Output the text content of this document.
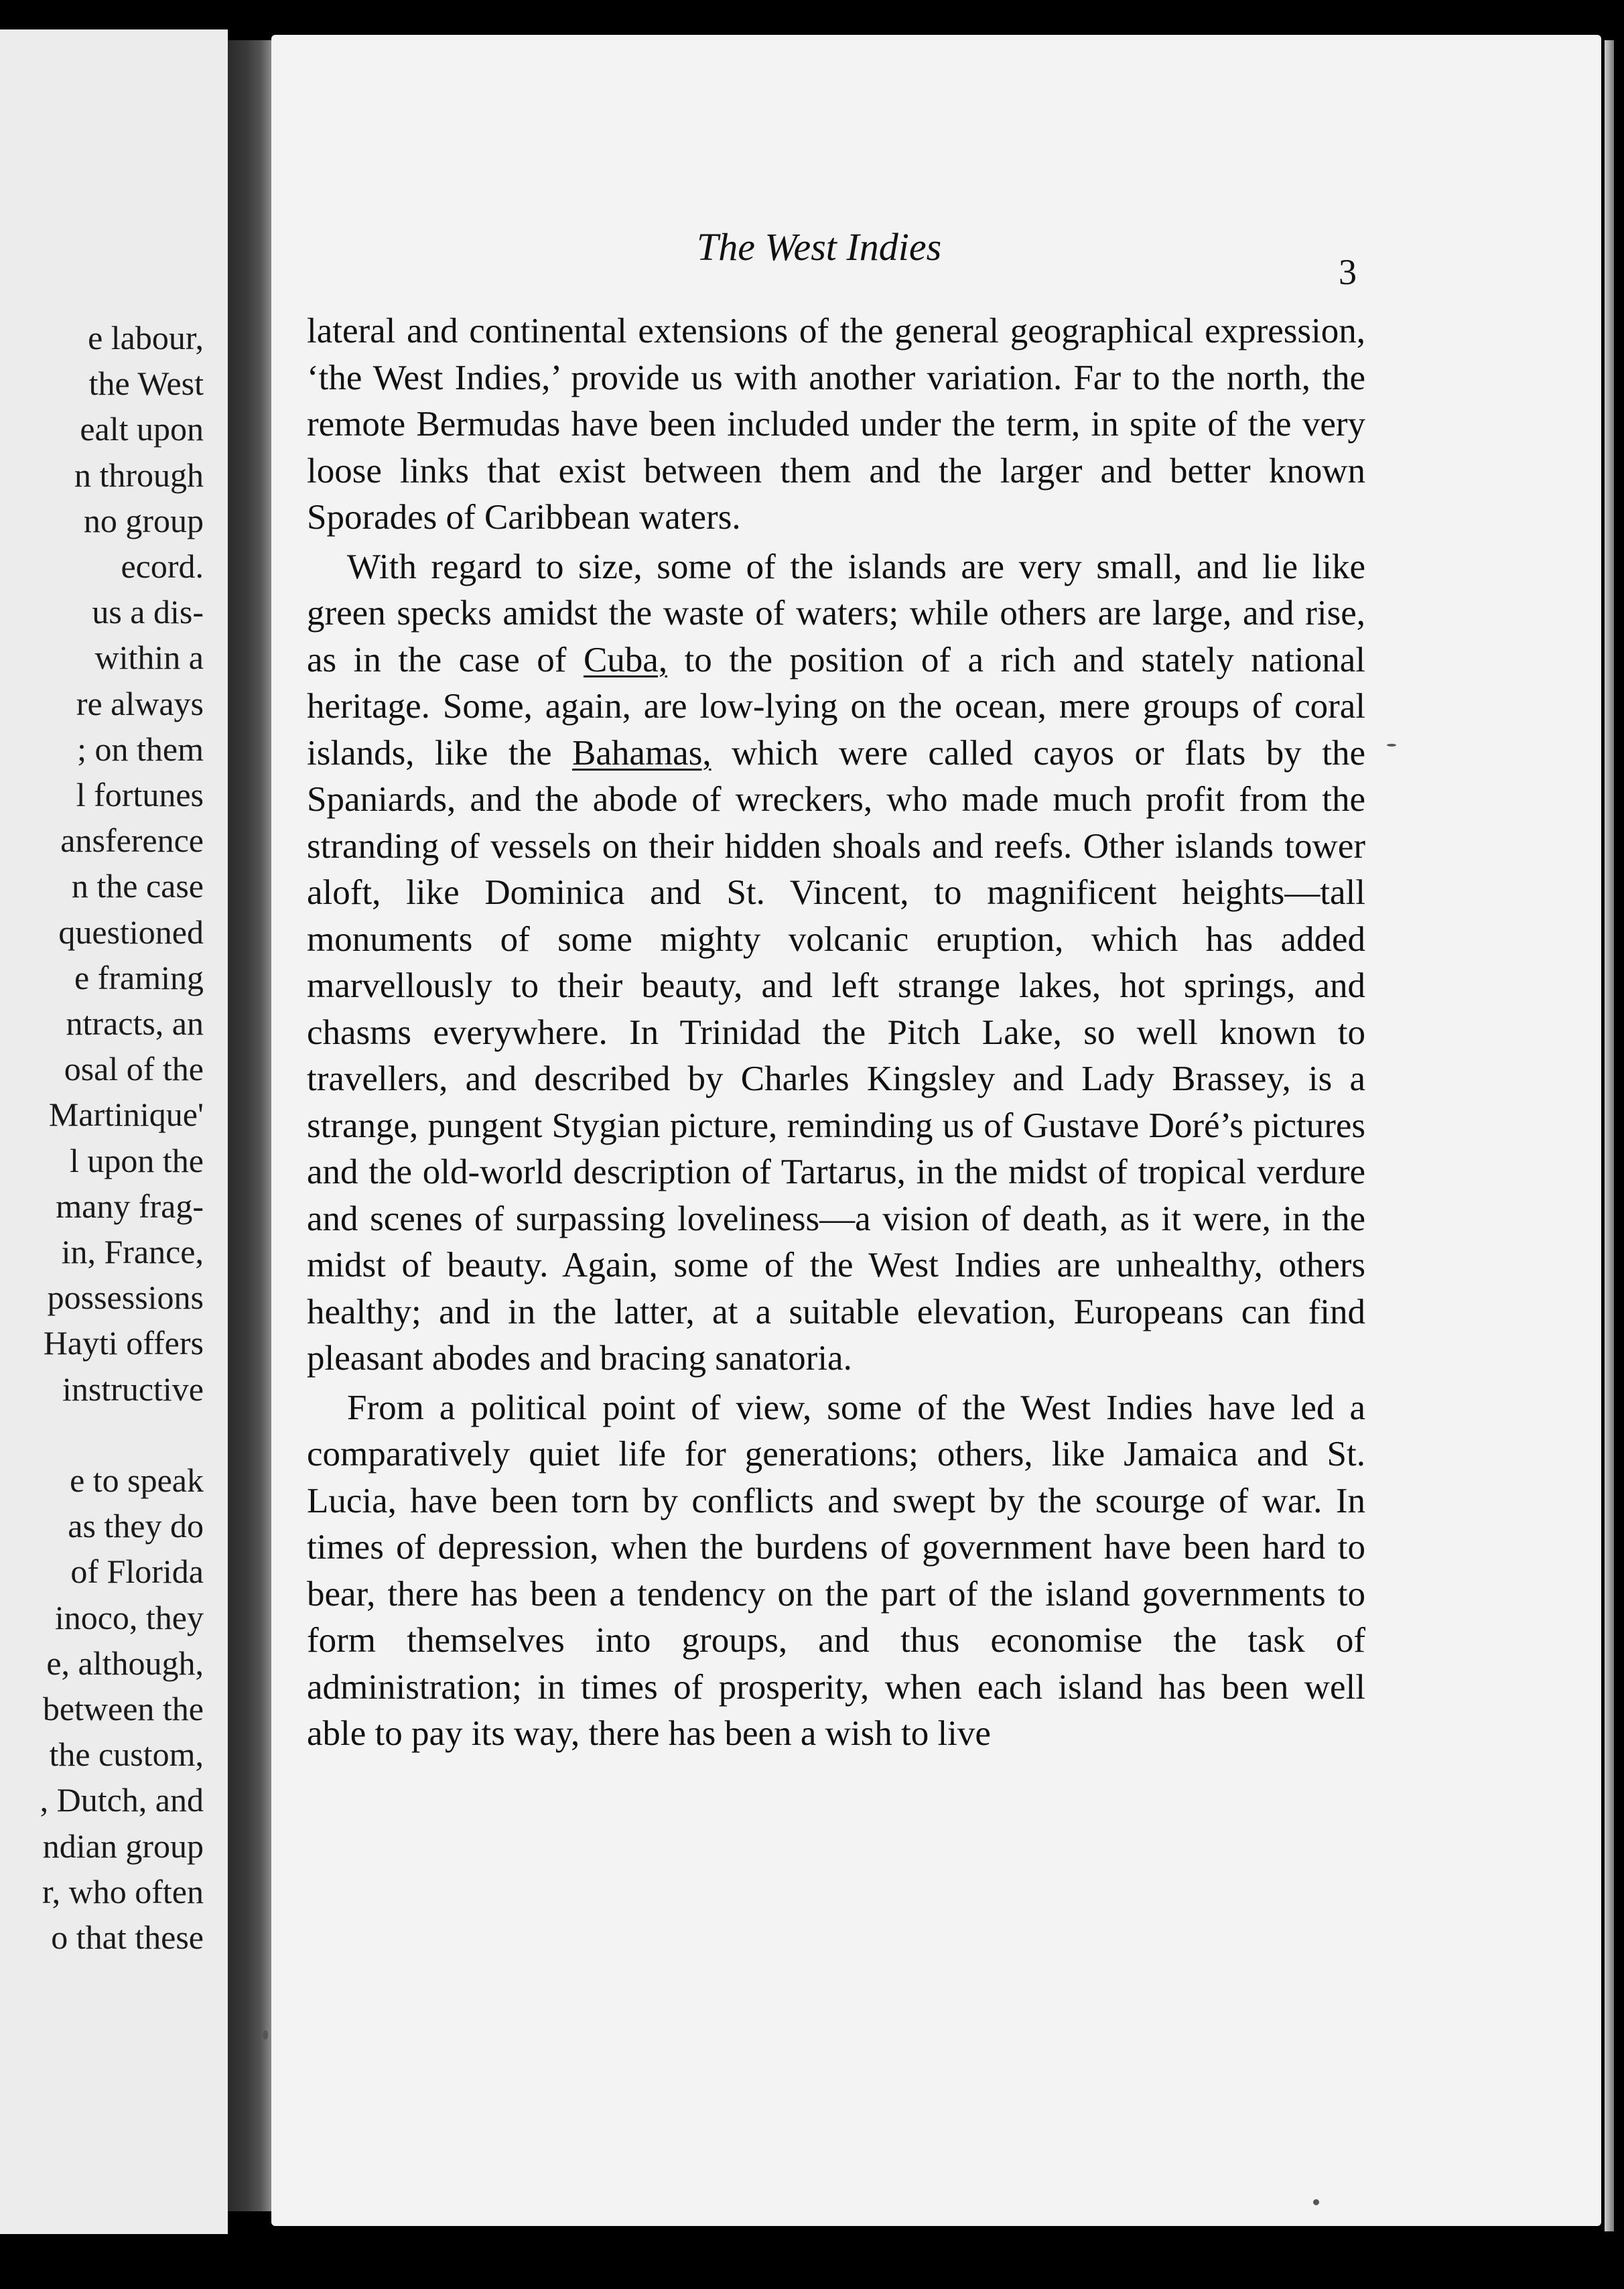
e labour,
the West
ealt upon
n through
no group
ecord.
us a dis-
within a
re always
; on them
l fortunes
ansference
n the case
questioned
e framing
ntracts, an
osal of the
Martinique'
l upon the
many frag-
in, France,
possessions
Hayti offers
instructive
e to speak
as they do
of Florida
inoco, they
e, although,
between the
the custom,
, Dutch, and
ndian group
r, who often
o that these
The West Indies
3

lateral and continental extensions of the general geographical expression, ‘the West Indies,’ provide us with another variation. Far to the north, the remote Bermudas have been included under the term, in spite of the very loose links that exist between them and the larger and better known Sporades of Caribbean waters.

With regard to size, some of the islands are very small, and lie like green specks amidst the waste of waters; while others are large, and rise, as in the case of Cuba, to the position of a rich and stately national heritage. Some, again, are low-lying on the ocean, mere groups of coral islands, like the Bahamas, which were called cayos or flats by the Spaniards, and the abode of wreckers, who made much profit from the stranding of vessels on their hidden shoals and reefs. Other islands tower aloft, like Dominica and St. Vincent, to magnificent heights—tall monuments of some mighty volcanic eruption, which has added marvellously to their beauty, and left strange lakes, hot springs, and chasms everywhere. In Trinidad the Pitch Lake, so well known to travellers, and described by Charles Kingsley and Lady Brassey, is a strange, pungent Stygian picture, reminding us of Gustave Doré’s pictures and the old-world description of Tartarus, in the midst of tropical verdure and scenes of surpassing loveliness—a vision of death, as it were, in the midst of beauty. Again, some of the West Indies are unhealthy, others healthy; and in the latter, at a suitable elevation, Europeans can find pleasant abodes and bracing sanatoria.

From a political point of view, some of the West Indies have led a comparatively quiet life for generations; others, like Jamaica and St. Lucia, have been torn by conflicts and swept by the scourge of war. In times of depression, when the burdens of government have been hard to bear, there has been a tendency on the part of the island governments to form themselves into groups, and thus economise the task of administration; in times of prosperity, when each island has been well able to pay its way, there has been a wish to live
